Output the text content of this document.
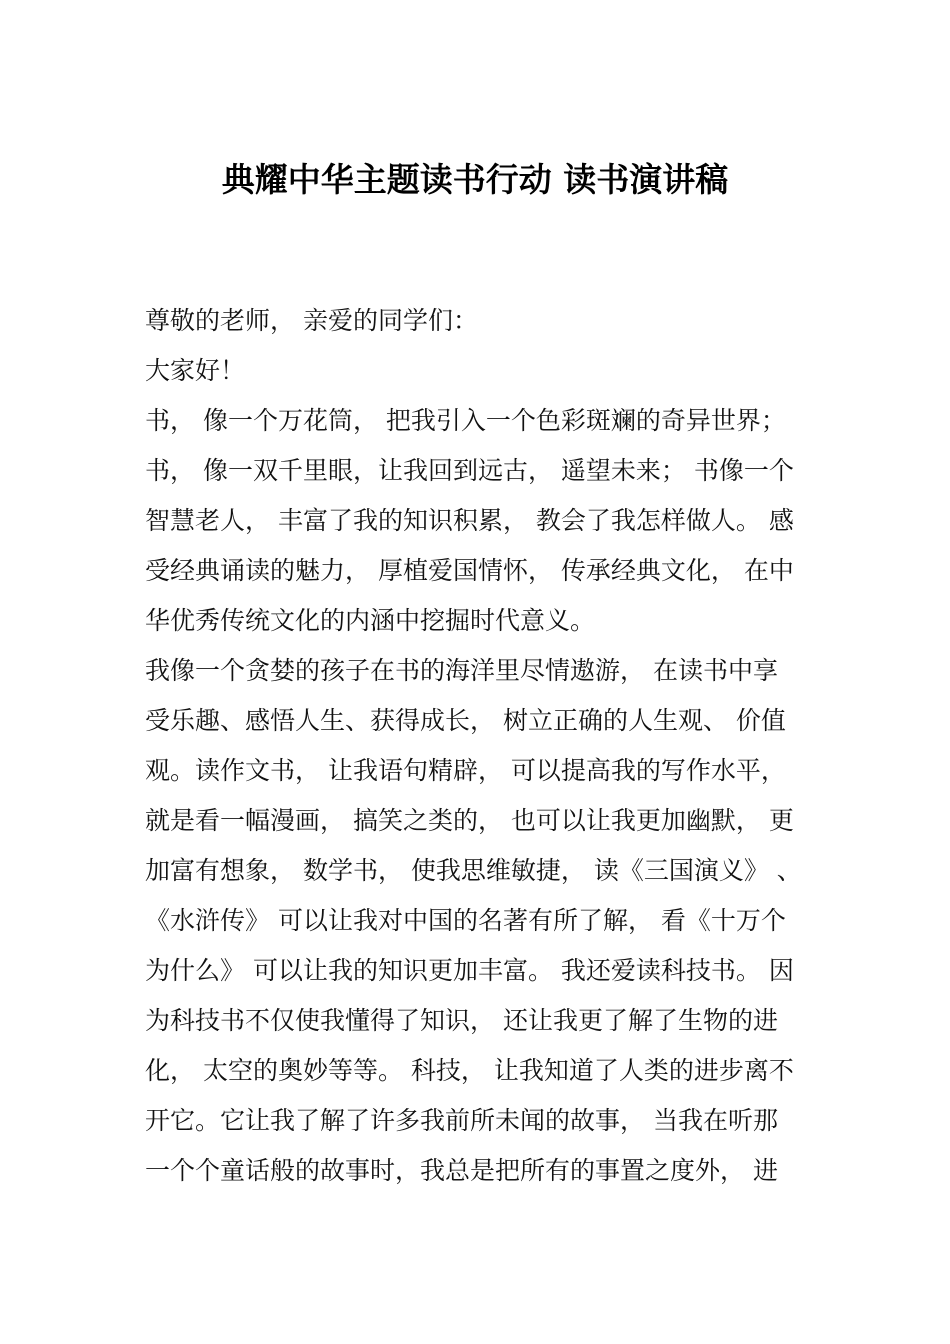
典耀中华主题读书行动 读书演讲稿
尊敬的老师， 亲爱的同学们：
大家好！
书， 像一个万花筒， 把我引入一个色彩斑斓的奇异世界；
书， 像一双千里眼，让我回到远古， 遥望未来； 书像一个
智慧老人， 丰富了我的知识积累， 教会了我怎样做人。 感
受经典诵读的魅力， 厚植爱国情怀， 传承经典文化， 在中
华优秀传统文化的内涵中挖掘时代意义。
我像一个贪婪的孩子在书的海洋里尽情遨游， 在读书中享
受乐趣、感悟人生、获得成长， 树立正确的人生观、 价值
观。读作文书， 让我语句精辟， 可以提高我的写作水平，
就是看一幅漫画， 搞笑之类的， 也可以让我更加幽默， 更
加富有想象， 数学书， 使我思维敏捷， 读《三国演义》 、
《水浒传》 可以让我对中国的名著有所了解， 看《十万个
为什么》 可以让我的知识更加丰富。 我还爱读科技书。 因
为科技书不仅使我懂得了知识， 还让我更了解了生物的进
化， 太空的奥妙等等。 科技， 让我知道了人类的进步离不
开它。它让我了解了许多我前所未闻的故事， 当我在听那
一个个童话般的故事时，我总是把所有的事置之度外， 进
